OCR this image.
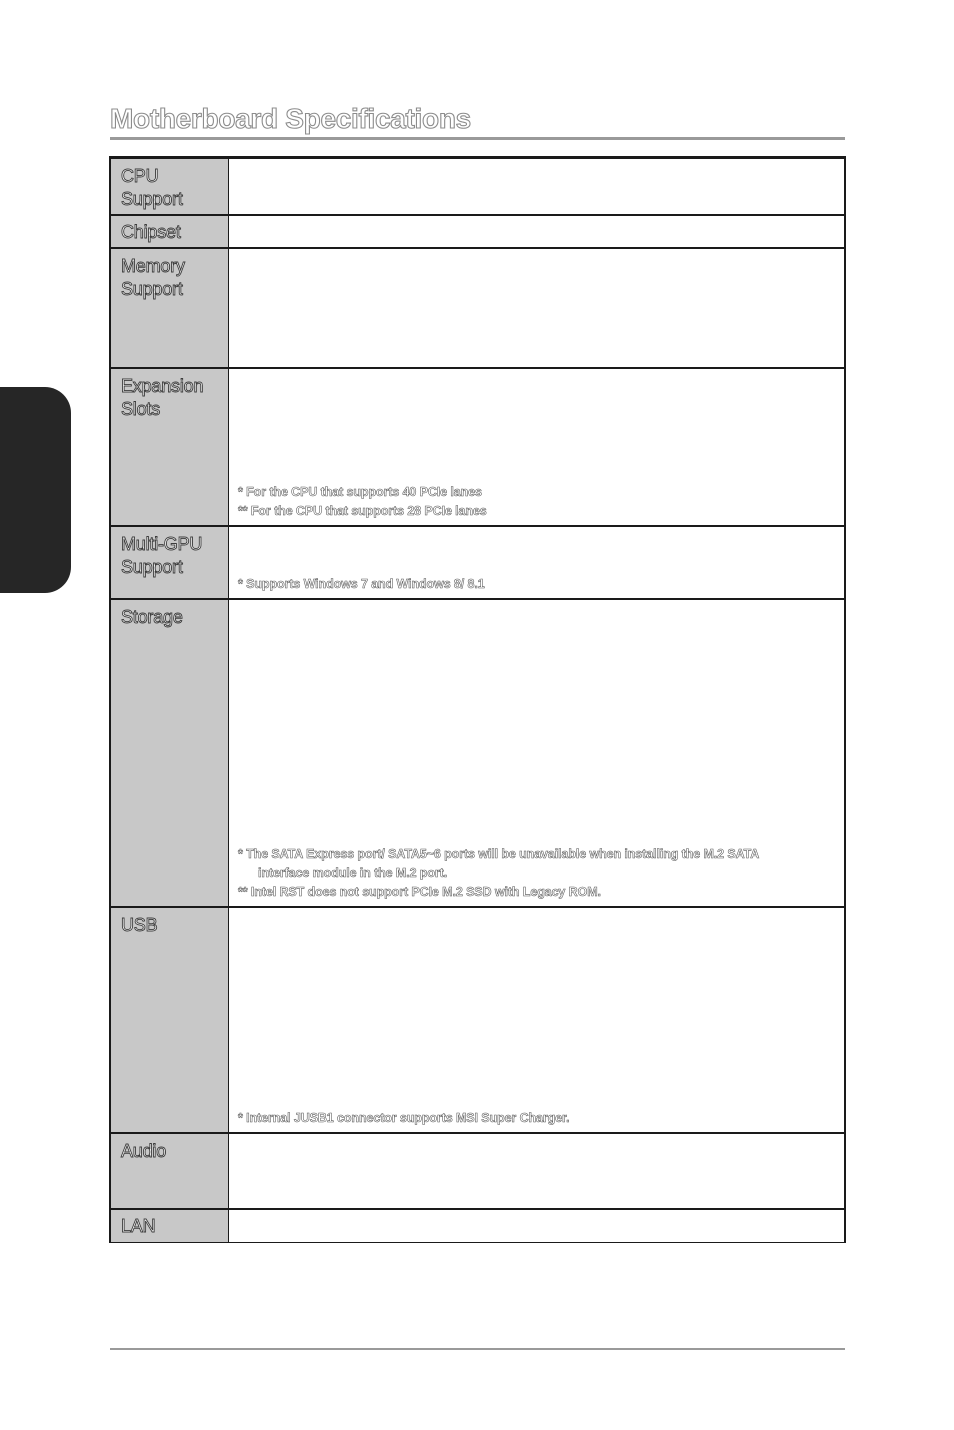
Motherboard Specifications
CPU
Support
Chipset
Memory
Support
Expansion
Slots
* For the CPU that supports 40 PCIe lanes
** For the CPU that supports 28 PCIe lanes
Multi-GPU
Support
* Supports Windows 7 and Windows 8/ 8.1
Storage
* The SATA Express port/ SATA5~6 ports will be unavailable when installing the M.2 SATA
interface module in the M.2 port.
** Intel RST does not support PCIe M.2 SSD with Legacy ROM.
USB
* Internal JUSB1 connector supports MSI Super Charger.
Audio
LAN
